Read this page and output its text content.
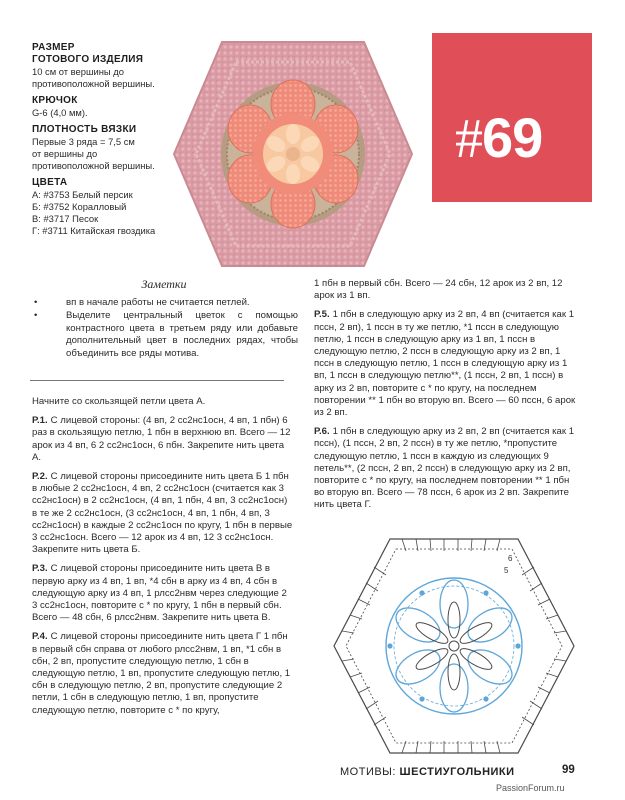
РАЗМЕР
ГОТОВОГО ИЗДЕЛИЯ
10 см от вершины до
противоположной вершины.
КРЮЧОК
G-6 (4,0 мм).
ПЛОТНОСТЬ ВЯЗКИ
Первые 3 ряда = 7,5 см
от вершины до
противоположной вершины.
ЦВЕТА
А: #3753 Белый персик
Б: #3752 Коралловый
В: #3717 Песок
Г: #3711 Китайская гвоздика
#69
Заметки
• вп в начале работы не считается петлей.
• Выделите центральный цветок с помощью контрастного цвета в третьем ряду или добавьте дополнительный цвет в последних рядах, чтобы объединить все ряды мотива.
Начните со скользящей петли цвета А.
Р.1. С лицевой стороны: (4 вп, 2 сс2нс1осн, 4 вп, 1 пбн) 6 раз в скользящую петлю, 1 пбн в верхнюю вп. Всего — 12 арок из 4 вп, 6 2 сс2нс1осн, 6 пбн. Закрепите нить цвета А.
Р.2. С лицевой стороны присоедините нить цвета Б 1 пбн в любые 2 сс2нс1осн, 4 вп, 2 сс2нс1осн (считается как 3 сс2нс1осн) в 2 сс2нс1осн, (4 вп, 1 пбн, 4 вп, 3 сс2нс1осн) в те же 2 сс2нс1осн, (3 сс2нс1осн, 4 вп, 1 пбн, 4 вп, 3 сс2нс1осн) в каждые 2 сс2нс1осн по кругу, 1 пбн в первые 3 сс2нс1осн. Всего — 12 арок из 4 вп, 12 3 сс2нс1осн. Закрепите нить цвета Б.
Р.3. С лицевой стороны присоедините нить цвета В в первую арку из 4 вп, 1 вп, *4 сбн в арку из 4 вп, 4 сбн в следующую арку из 4 вп, 1 рлсс2нвм через следующие 2 3 сс2нс1осн, повторите с * по кругу, 1 пбн в первый сбн. Всего — 48 сбн, 6 рлсс2нвм. Закрепите нить цвета В.
Р.4. С лицевой стороны присоедините нить цвета Г 1 пбн в первый сбн справа от любого рлсс2нвм, 1 вп, *1 сбн в сбн, 2 вп, пропустите следующую петлю, 1 сбн в следующую петлю, 1 вп, пропустите следующую петлю, 1 сбн в следующую петлю, 2 вп, пропустите следующие 2 петли, 1 сбн в следующую петлю, 1 вп, пропустите следующую петлю, повторите с * по кругу,
1 пбн в первый сбн. Всего — 24 сбн, 12 арок из 2 вп, 12 арок из 1 вп.
Р.5. 1 пбн в следующую арку из 2 вп, 4 вп (считается как 1 пссн, 2 вп), 1 пссн в ту же петлю, *1 пссн в следующую петлю, 1 пссн в следующую арку из 1 вп, 1 пссн в следующую петлю, 2 пссн в следующую арку из 2 вп, 1 пссн в следующую петлю, 1 пссн в следующую арку из 1 вп, 1 пссн в следующую петлю**, (1 пссн, 2 вп, 1 пссн) в арку из 2 вп, повторите с * по кругу, на последнем повторении ** 1 пбн во вторую вп. Всего — 60 пссн, 6 арок из 2 вп.
Р.6. 1 пбн в следующую арку из 2 вп, 2 вп (считается как 1 пссн), (1 пссн, 2 вп, 2 пссн) в ту же петлю, *пропустите следующую петлю, 1 пссн в каждую из следующих 9 петель**, (2 пссн, 2 вп, 2 пссн) в следующую арку из 2 вп, повторите с * по кругу, на последнем повторении ** 1 пбн во вторую вп. Всего — 78 пссн, 6 арок из 2 вп. Закрепите нить цвета Г.
6
5
МОТИВЫ: ШЕСТИУГОЛЬНИКИ	99
PassionForum.ru
